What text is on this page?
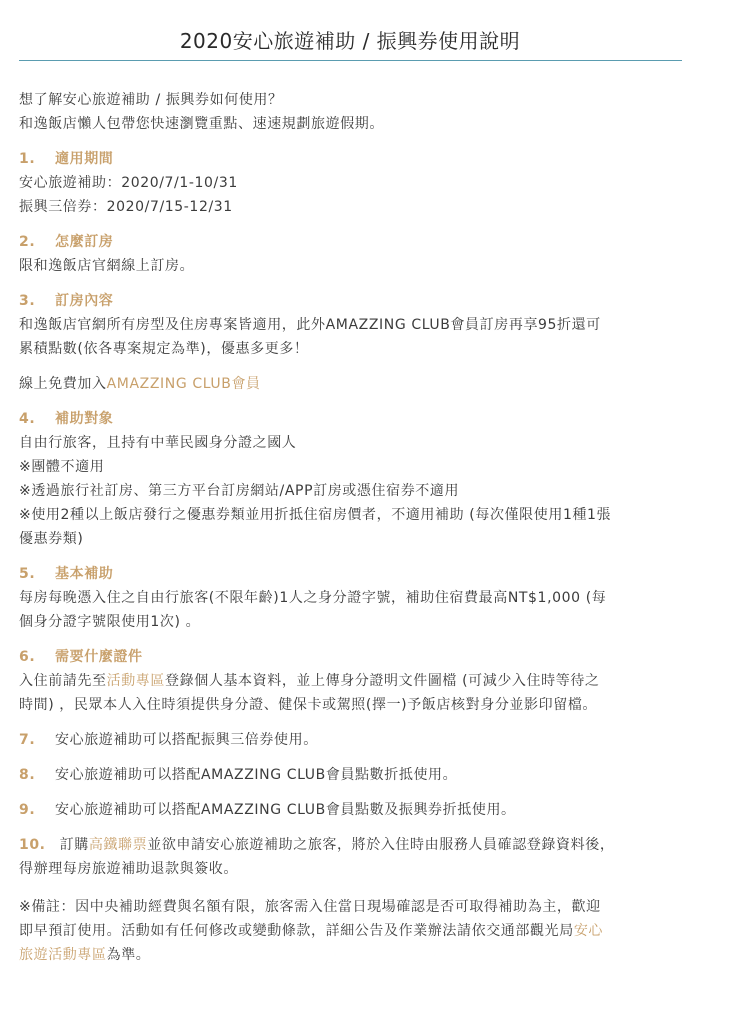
2020安心旅遊補助 / 振興券使用說明

想了解安心旅遊補助 / 振興券如何使用？

和逸飯店懶人包帶您快速瀏覽重點、速速規劃旅遊假期。

1. 適用期間

安心旅遊補助：2020/7/1-10/31

振興三倍券：2020/7/15-12/31

2. 怎麼訂房

限和逸飯店官網線上訂房。

3. 訂房內容

和逸飯店官網所有房型及住房專案皆適用，此外AMAZZING CLUB會員訂房再享95折還可

累積點數(依各專案規定為準)，優惠多更多！

線上免費加入AMAZZING CLUB會員

4. 補助對象

自由行旅客，且持有中華民國身分證之國人

※團體不適用

※透過旅行社訂房、第三方平台訂房網站/APP訂房或憑住宿券不適用

※使用2種以上飯店發行之優惠券類並用折抵住宿房價者，不適用補助 (每次僅限使用1種1張

優惠券類)

5. 基本補助

每房每晚憑入住之自由行旅客(不限年齡)1人之身分證字號，補助住宿費最高NT$1,000 (每

個身分證字號限使用1次) 。

6. 需要什麼證件

入住前請先至活動專區登錄個人基本資料，並上傳身分證明文件圖檔 (可減少入住時等待之

時間) ，民眾本人入住時須提供身分證、健保卡或駕照(擇一)予飯店核對身分並影印留檔。

7. 安心旅遊補助可以搭配振興三倍券使用。

8. 安心旅遊補助可以搭配AMAZZING CLUB會員點數折抵使用。

9. 安心旅遊補助可以搭配AMAZZING CLUB會員點數及振興券折抵使用。

10. 訂購高鐵聯票並欲申請安心旅遊補助之旅客，將於入住時由服務人員確認登錄資料後，

得辦理每房旅遊補助退款與簽收。

※備註：因中央補助經費與名額有限，旅客需入住當日現場確認是否可取得補助為主，歡迎

即早預訂使用。活動如有任何修改或變動條款，詳細公告及作業辦法請依交通部觀光局安心

旅遊活動專區為準。
